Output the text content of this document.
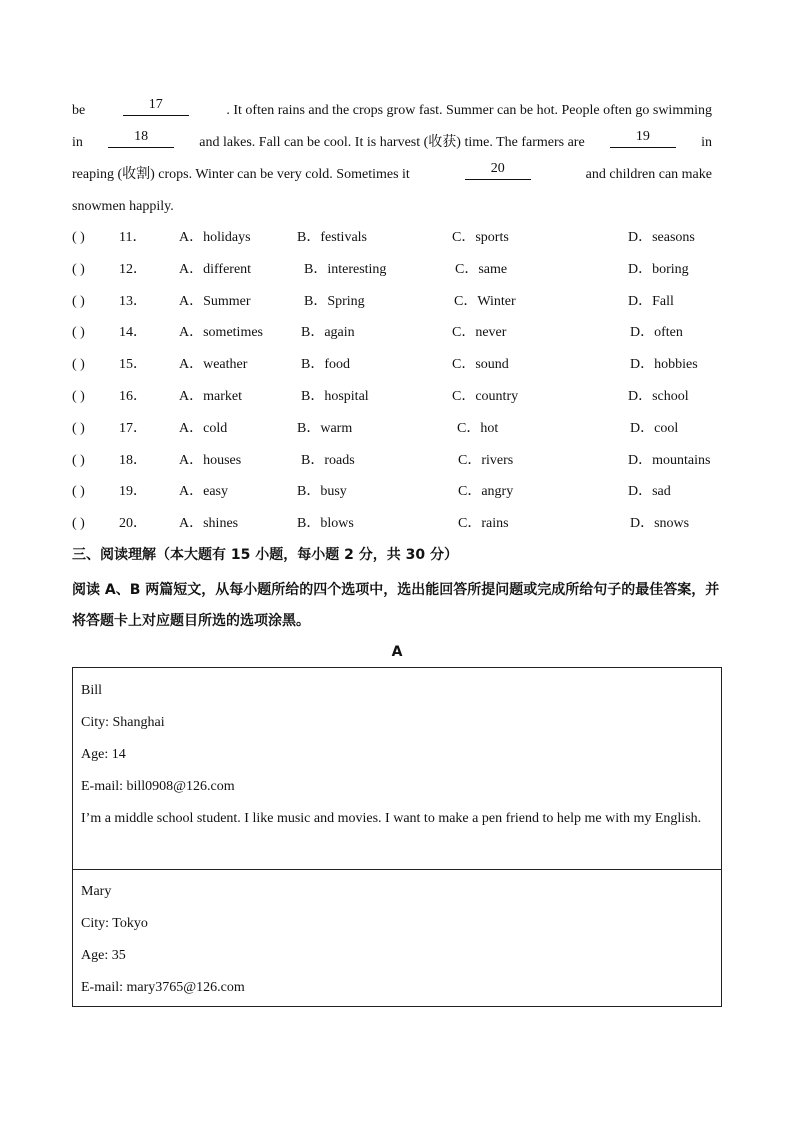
be	17	. It often rains and the crops grow fast. Summer can be hot. People often go swimming
in	18	and lakes. Fall can be cool. It is harvest (收获) time. The farmers are	19	in
reaping (收割) crops. Winter can be very cold. Sometimes it	20	and children can make
snowmen happily.
( ) 11． A．holidays	B．festivals	C．sports	D．seasons
( ) 12． A．different	B．interesting	C．same	D．boring
( ) 13． A．Summer	B．Spring	C．Winter	D．Fall
( ) 14． A．sometimes	B．again	C．never	D．often
( ) 15． A．weather	B．food	C．sound	D．hobbies
( ) 16． A．market	B．hospital	C．country	D．school
( ) 17． A．cold	B．warm	C．hot	D．cool
( ) 18． A．houses	B．roads	C．rivers	D．mountains
( ) 19． A．easy	B．busy	C．angry	D．sad
( ) 20． A．shines	B．blows	C．rains	D．snows
三、阅读理解（本大题有 15 小题，每小题 2 分，共 30 分）
阅读 A、B 两篇短文，从每小题所给的四个选项中，选出能回答所提问题或完成所给句子的最佳答案，并将答题卡上对应题目所选的选项涂黑。
A
Bill
City: Shanghai
Age: 14
E-mail: bill0908@126.com
I’m a middle school student. I like music and movies. I want to make a pen friend to help me with my English.
Mary
City: Tokyo
Age: 35
E-mail: mary3765@126.com
